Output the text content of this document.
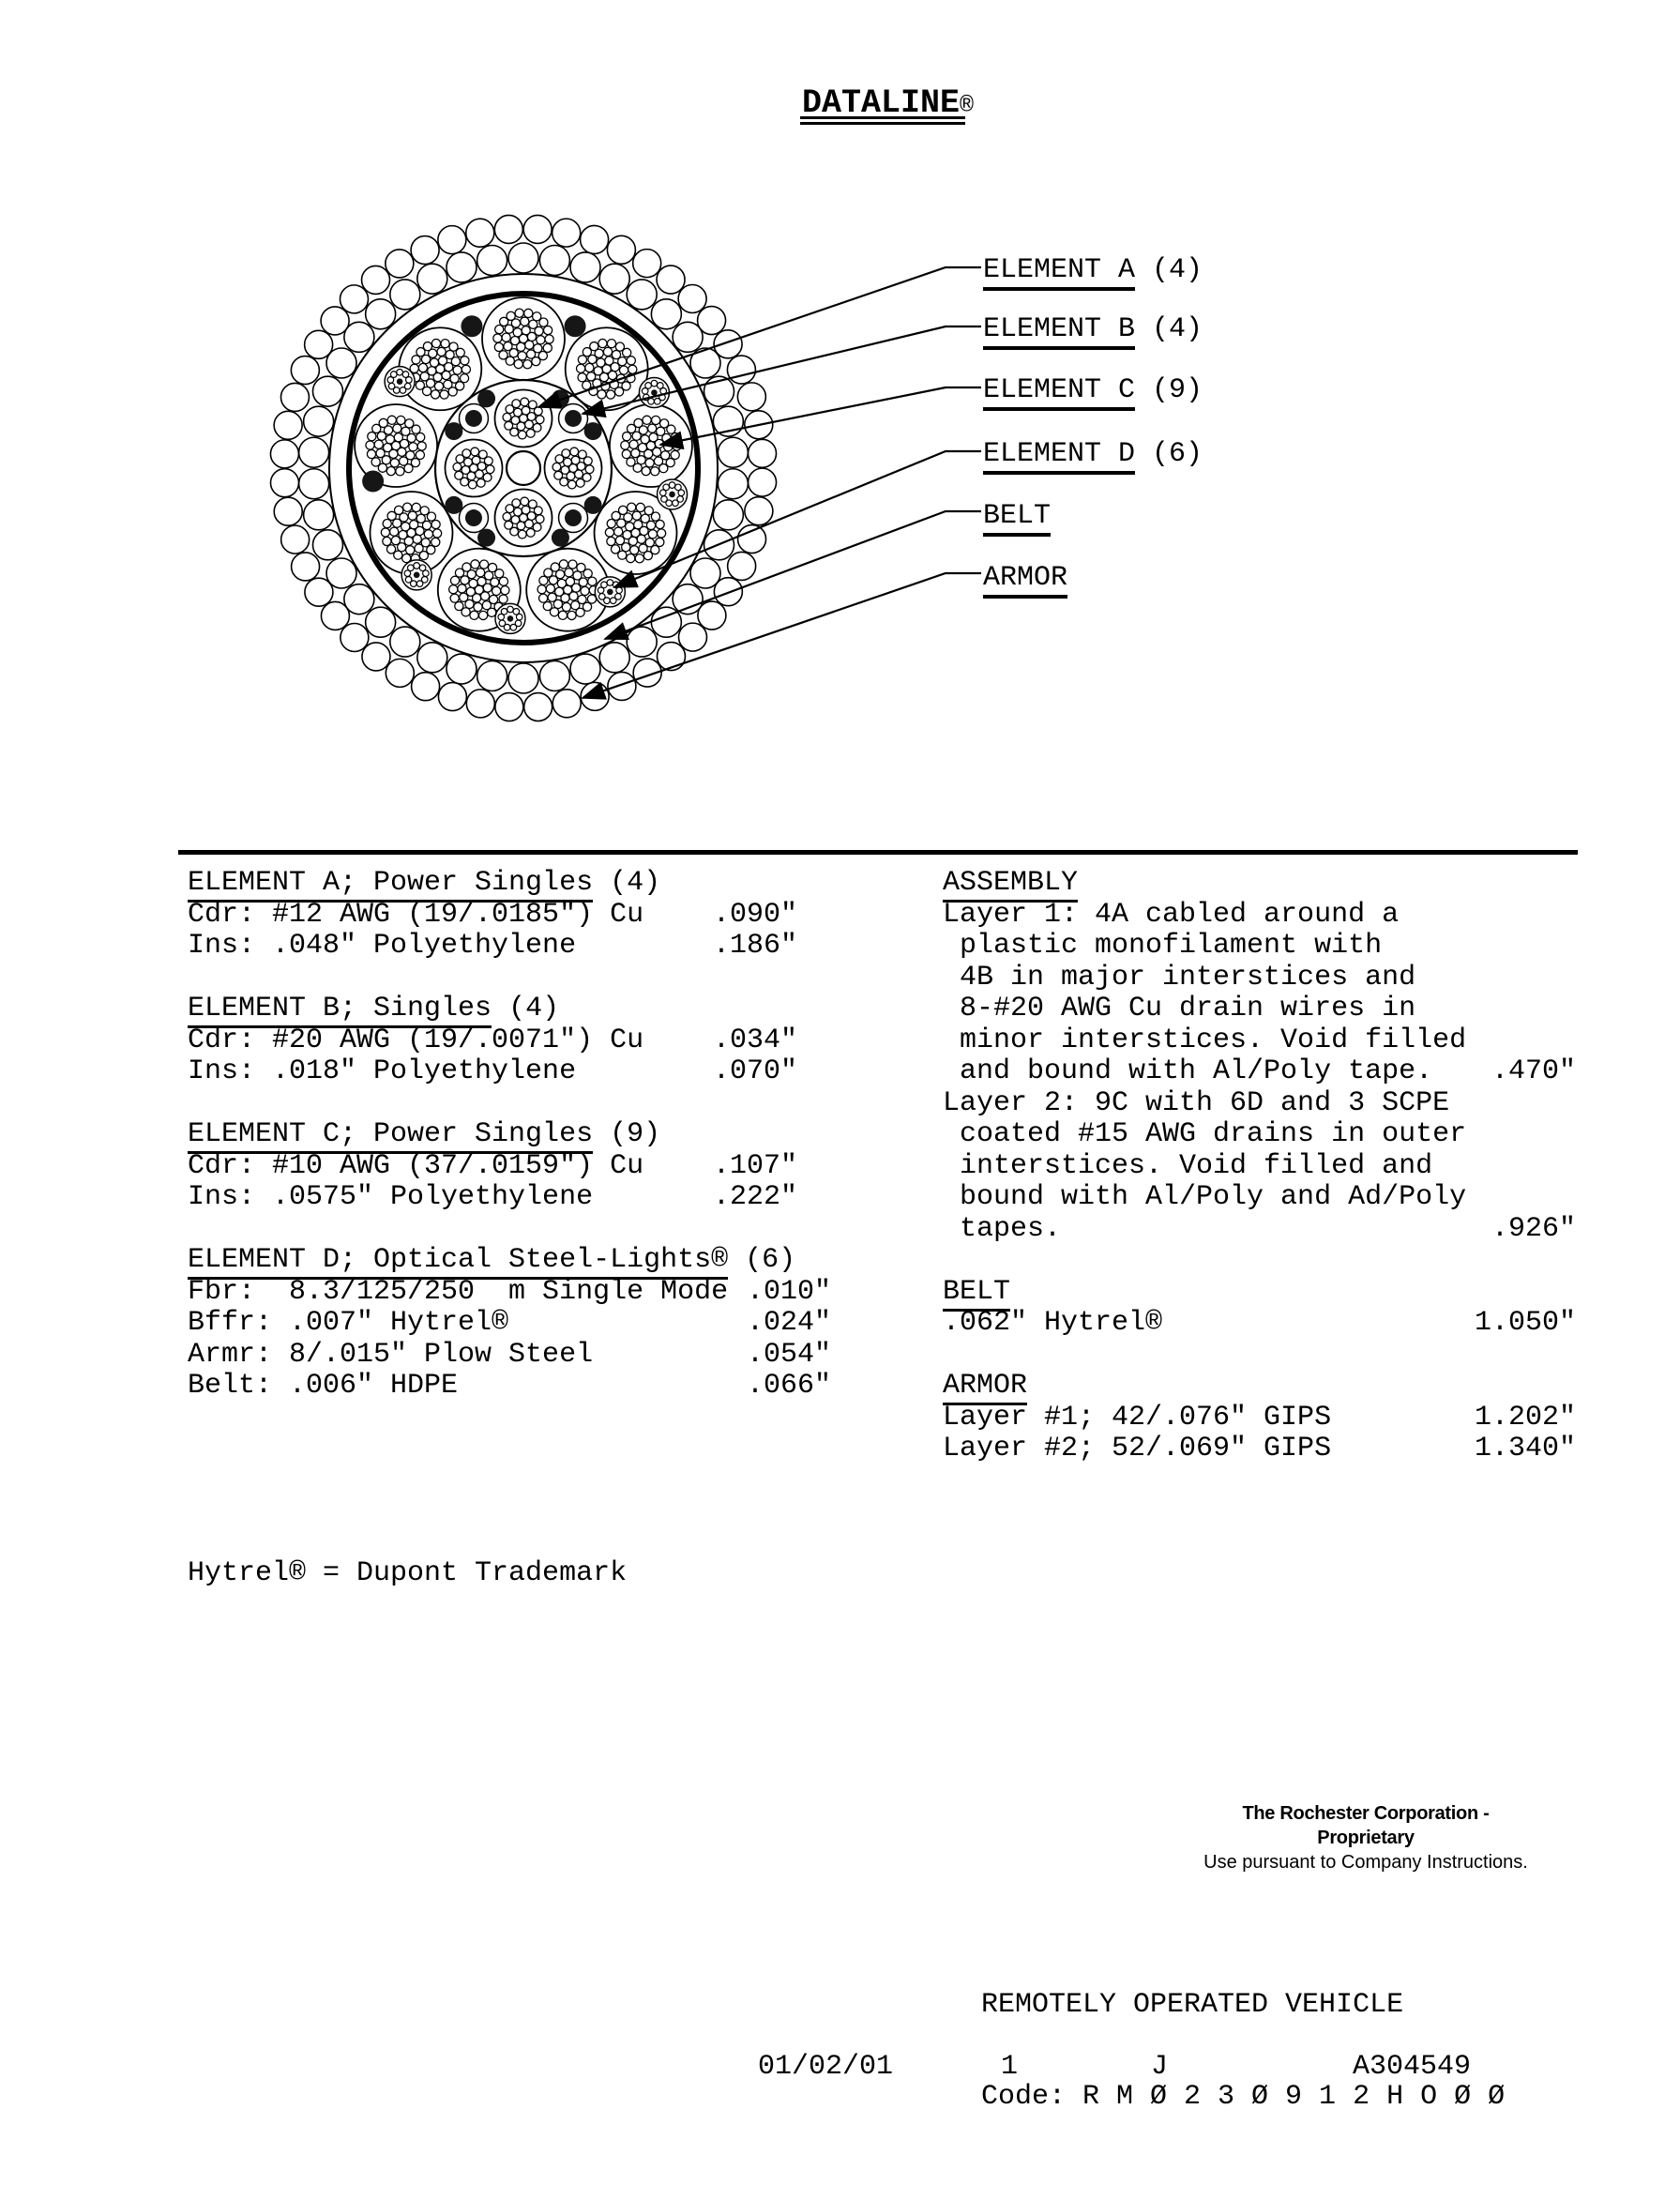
DATALINE®
ELEMENT A (4)
ELEMENT B (4)
ELEMENT C (9)
ELEMENT D (6)
BELT
ARMOR
ELEMENT A; Power Singles (4)
Cdr: #12 AWG (19/.0185") Cu .090"
Ins: .048" Polyethylene	.186"
ELEMENT B; Singles (4)
Cdr: #20 AWG (19/.0071") Cu .034"
Ins: .018" Polyethylene	.070"
ELEMENT C; Power Singles (9)
Cdr: #10 AWG (37/.0159") Cu .107"
Ins: .0575" Polyethylene	.222"
ELEMENT D; Optical Steel-Lights® (6)
Fbr:  8.3/125/250  m Single Mode .010"
Bffr: .007" Hytrel®	.024"
Armr: 8/.015" Plow Steel	.054"
Belt: .006" HDPE	.066"
ASSEMBLY
Layer 1: 4A cabled around a
plastic monofilament with
4B in major interstices and
8-#20 AWG Cu drain wires in
minor interstices. Void filled
and bound with Al/Poly tape. .470"
Layer 2: 9C with 6D and 3 SCPE
coated #15 AWG drains in outer
interstices. Void filled and
bound with Al/Poly and Ad/Poly
tapes.	.926"
BELT
.062" Hytrel®	1.050"
ARMOR
Layer #1; 42/.076" GIPS	1.202"
Layer #2; 52/.069" GIPS	1.340"
Hytrel® = Dupont Trademark
The Rochester Corporation -Proprietary
Use pursuant to Company Instructions.

REMOTELY OPERATED VEHICLE

Code: R M Ø 2 3 Ø 9 1 2 H O Ø Ø

01/02/01	1	J	A304549
